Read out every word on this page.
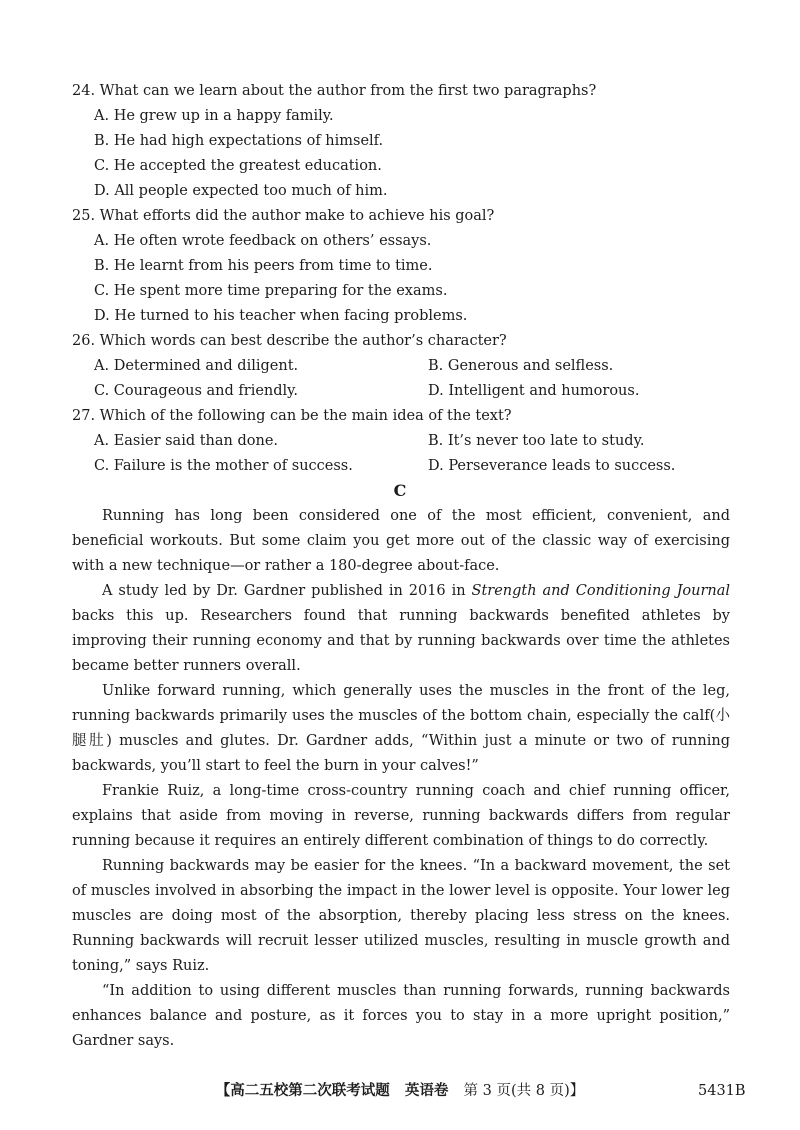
24. What can we learn about the author from the first two paragraphs?
A. He grew up in a happy family.
B. He had high expectations of himself.
C. He accepted the greatest education.
D. All people expected too much of him.
25. What efforts did the author make to achieve his goal?
A. He often wrote feedback on others’ essays.
B. He learnt from his peers from time to time.
C. He spent more time preparing for the exams.
D. He turned to his teacher when facing problems.
26. Which words can best describe the author’s character?
A. Determined and diligent.	B. Generous and selfless.
C. Courageous and friendly.	D. Intelligent and humorous.
27. Which of the following can be the main idea of the text?
A. Easier said than done.	B. It’s never too late to study.
C. Failure is the mother of success.	D. Perseverance leads to success.
C

Running has long been considered one of the most efficient, convenient, and beneficial workouts. But some claim you get more out of the classic way of exercising with a new technique—or rather a 180-degree about-face.

A study led by Dr. Gardner published in 2016 in Strength and Conditioning Journal backs this up. Researchers found that running backwards benefited athletes by improving their running economy and that by running backwards over time the athletes became better runners overall.

Unlike forward running, which generally uses the muscles in the front of the leg, running backwards primarily uses the muscles of the bottom chain, especially the calf(小腿肚) muscles and glutes. Dr. Gardner adds, “Within just a minute or two of running backwards, you’ll start to feel the burn in your calves!”

Frankie Ruiz, a long-time cross-country running coach and chief running officer, explains that aside from moving in reverse, running backwards differs from regular running because it requires an entirely different combination of things to do correctly.

Running backwards may be easier for the knees. “In a backward movement, the set of muscles involved in absorbing the impact in the lower level is opposite. Your lower leg muscles are doing most of the absorption, thereby placing less stress on the knees. Running backwards will recruit lesser utilized muscles, resulting in muscle growth and toning,” says Ruiz.

“In addition to using different muscles than running forwards, running backwards enhances balance and posture, as it forces you to stay in a more upright position,” Gardner says.

【高二五校第二次联考试题 英语卷 第 3 页(共 8 页)】	5431B
